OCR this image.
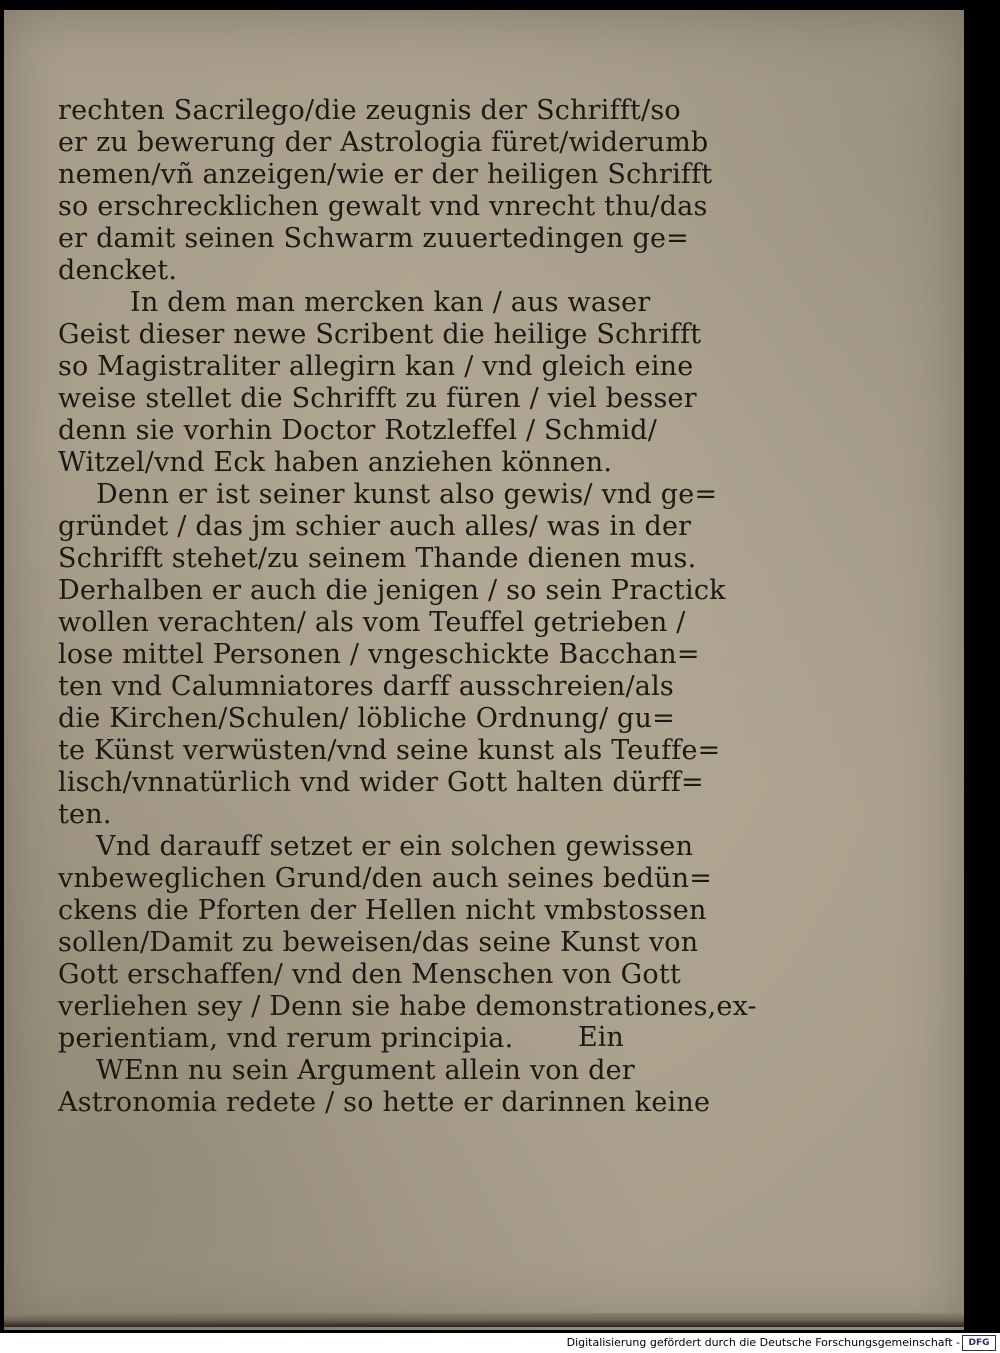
rechten Sacrilego/die zeugnis der Schrifft/so
er zu bewerung der Astrologia füret/widerumb
nemen/vñ anzeigen/wie er der heiligen Schrifft
so erschrecklichen gewalt vnd vnrecht thu/das
er damit seinen Schwarm zuuertedingen ge=
dencket.
In dem man mercken kan / aus waser
Geist dieser newe Scribent die heilige Schrifft
so Magistraliter allegirn kan / vnd gleich eine
weise stellet die Schrifft zu füren / viel besser
denn sie vorhin Doctor Rotzleffel / Schmid/
Witzel/vnd Eck haben anziehen können.
Denn er ist seiner kunst also gewis/ vnd ge=
gründet / das jm schier auch alles/ was in der
Schrifft stehet/zu seinem Thande dienen mus.
Derhalben er auch die jenigen / so sein Practick
wollen verachten/ als vom Teuffel getrieben /
lose mittel Personen / vngeschickte Bacchan=
ten vnd Calumniatores darff ausschreien/als
die Kirchen/Schulen/ löbliche Ordnung/ gu=
te Künst verwüsten/vnd seine kunst als Teuffe=
lisch/vnnatürlich vnd wider Gott halten dürff=
ten.
Vnd darauff setzet er ein solchen gewissen
vnbeweglichen Grund/den auch seines bedün=
ckens die Pforten der Hellen nicht vmbstossen
sollen/Damit zu beweisen/das seine Kunst von
Gott erschaffen/ vnd den Menschen von Gott
verliehen sey / Denn sie habe demonstrationes,ex-
perientiam, vnd rerum principia.
WEnn nu sein Argument allein von der
Astronomia redete / so hette er darinnen keine
Ein
Digitalisierung gefördert durch die Deutsche Forschungsgemeinschaft - DFG
